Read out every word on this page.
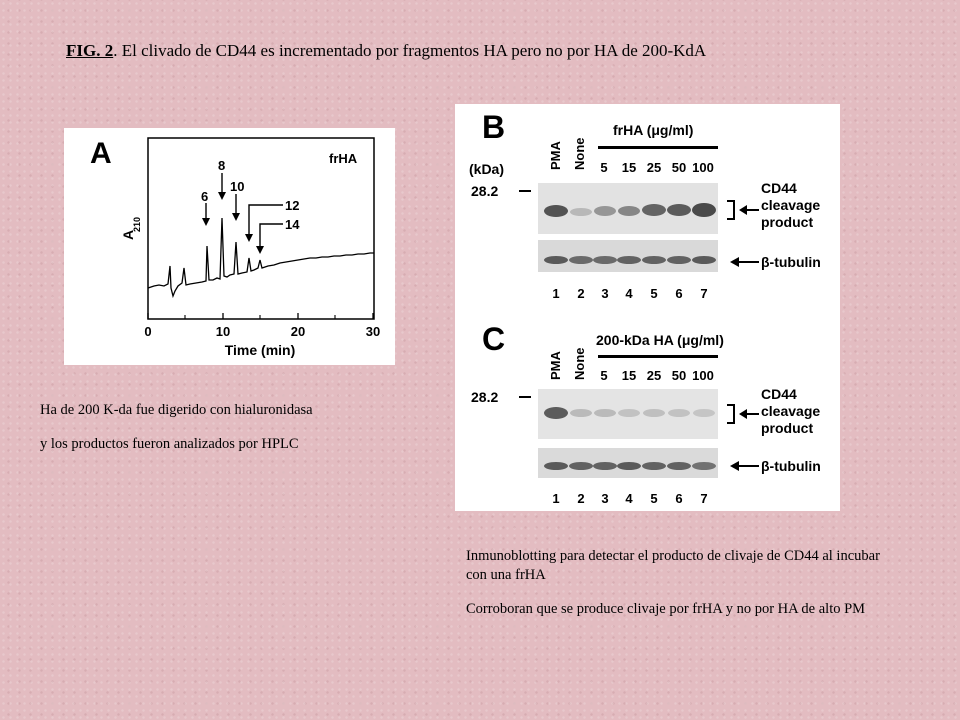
FIG. 2. El clivado de CD44 es incrementado por fragmentos HA pero no por HA de 200-KdA
A	frHA
A
210
6
8
10
12
14
0	10	20	30
Time (min)
B
PMA None
frHA (μg/ml)
5 15 25 50 100
(kDa)
28.2	CD44
cleavage
product
β-tubulin
1 2 3 4 5 6 7
C
PMA None
200-kDa HA (μg/ml)
5 15 25 50 100
28.2	CD44
cleavage
product
β-tubulin
1 2 3 4 5 6 7

Ha de 200 K-da fue digerido con hialuronidasa

y los productos fueron analizados por HPLC

Inmunoblotting para detectar el producto de clivaje de CD44 al incubar con una frHA

Corroboran que se produce clivaje por frHA y no por HA de alto PM
